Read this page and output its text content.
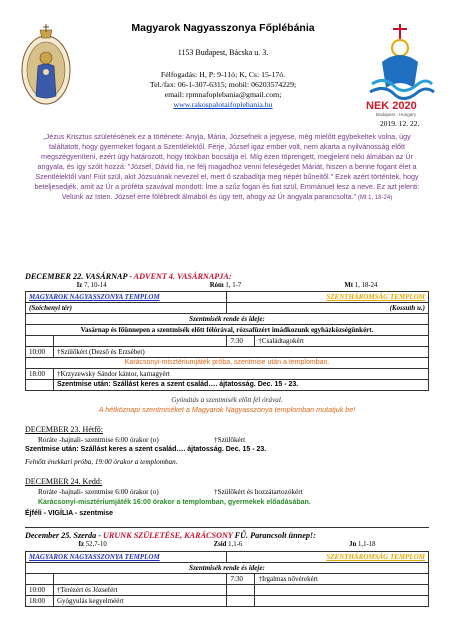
Magyarok Nagyasszonya Főplébánia
1153 Budapest, Bácska u. 3.
Félfogadás: H, P: 9-11ó; K, Cs: 15-17ó.
Tel./fax: 06-1-307-6315; mobil: 06203574229;
email: rpmnafoplebania@gmail.com;
www.rakospalotaifoplebania.hu	NEK 2020
Budapest · Hungary
2019. 12. 22.
„Jézus Krisztus születésének ez a története: Anyja, Mária, Józsefnek a jegyese, még mielőtt egybekeltek volna, úgy találtatott, hogy gyermeket fogant a Szentlélektől. Férje, József igaz ember volt, nem akarta a nyilvánosság előtt megszégyeníteni, ezért úgy határozott, hogy titokban bocsátja el. Míg ezen töprengett, megjelent neki álmában az Úr angyala, és így szólt hozzá: "József, Dávid fia, ne félj magadhoz venni feleségedet Máriát, hiszen a benne fogant élet a Szentlélektől van! Fiút szül, akit Józsuának nevezel el, mert ő szabadítja meg népét bűneitől." Ezek azért történtek, hogy beteljesedjék, amit az Úr a próféta szavával mondott: Íme a szűz fogan és fiat szül, Emmánuel lesz a neve. Ez azt jelenti: Velünk az Isten. József erre fölébredt álmából és úgy tett, ahogy az Úr angyala parancsolta.” (Mt 1, 18-24)
DECEMBER 22. VASÁRNAP - ADVENT 4. VASÁRNAPJA:
Iz 7, 10-14	Róm 1, 1-7	Mt 1, 18-24
MAGYAROK NAGYASSZONYA TEMPLOM		SZENTHÁROMSÁG TEMPLOM	
(Széchenyi tér)		(Kossuth u.)	
Szentmisék rende és ideje:			
Vasárnap és főünnepen a szentmisék előtt félórával, rózsafüzért imádkozunk egyházközségünkért.			
		7:30	†Családtagokért
10:00	†Szülőkért (Dezső és Erzsébet)		
Karácsonyi-misztériumjáték próba, szentmise után a templomban.			
18:00	†Krzyzewsky Sándor kántor, karnagyért		
	Szentmise után: Szállást keres a szent család…. ájtatosság. Dec. 15 - 23.		
Gyónátás a szentmisék előtt fél órával.
A hétköznapi szentmiséket a Magyarok Nagyasszonya templomban mutatjuk be!
DECEMBER 23. Hétfő:
Roráte -hajnali- szentmise 6:00 órakor (o)	†Szülőkért
Szentmise után: Szállást keres a szent család…. ájtatosság. Dec. 15 - 23.
Felnőtt énekkari próba, 19:00 órakor a templomban.
DECEMBER 24. Kedd:
Roráte -hajnali- szentmise 6:00 órakor (o)	†Szülőkért és hozzátartozókért
Karácsonyi-misztériumjáték 16:00 órakor a templomban, gyermekek előadásában.
Éjféli - VIGÍLIA - szentmise
December 25. Szerda - URUNK SZÜLETÉSE, KARÁCSONY FŰ. Parancsolt ünnep!:
Iz 52,7-10	Zsid 1,1-6	Jn 1,1-18
MAGYAROK NAGYASSZONYA TEMPLOM		SZENTHÁROMSÁG TEMPLOM	
Szentmisék rende és ideje:			
		7:30	†Irgalmas nővérekért
10:00	†Terézért és Józsefért		
18:00	Gyógyulás kegyelméért		
